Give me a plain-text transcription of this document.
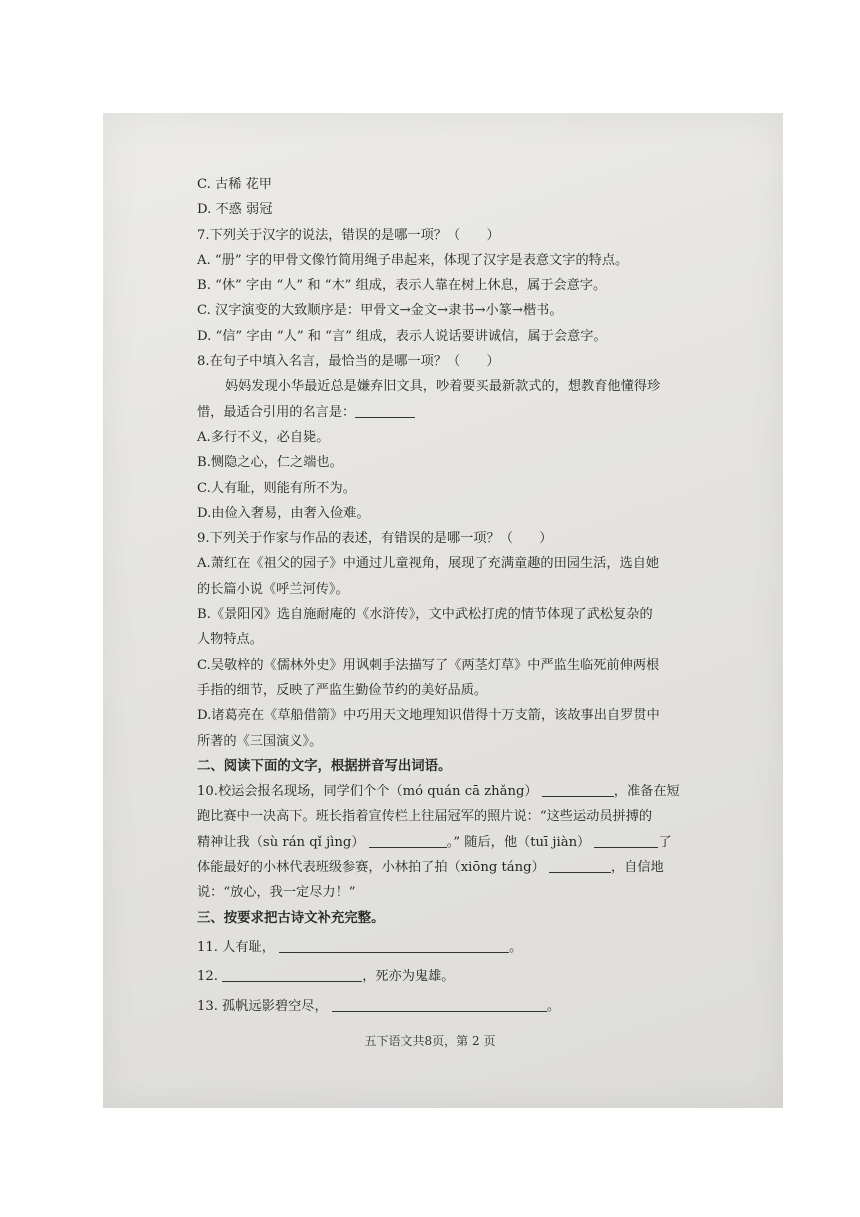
C. 古稀 花甲
D. 不惑 弱冠
7.下列关于汉字的说法，错误的是哪一项？（　　）
A. “册” 字的甲骨文像竹简用绳子串起来，体现了汉字是表意文字的特点。
B. “休” 字由 “人” 和 “木” 组成，表示人靠在树上休息，属于会意字。
C. 汉字演变的大致顺序是：甲骨文→金文→隶书→小篆→楷书。
D. “信” 字由 “人” 和 “言” 组成，表示人说话要讲诚信，属于会意字。
8.在句子中填入名言，最恰当的是哪一项？（　　）
妈妈发现小华最近总是嫌弃旧文具，吵着要买最新款式的，想教育他懂得珍
惜，最适合引用的名言是：
A.多行不义，必自毙。
B.恻隐之心，仁之端也。
C.人有耻，则能有所不为。
D.由俭入奢易，由奢入俭难。
9.下列关于作家与作品的表述，有错误的是哪一项？（　　）
A.萧红在《祖父的园子》中通过儿童视角，展现了充满童趣的田园生活，选自她
的长篇小说《呼兰河传》。
B.《景阳冈》选自施耐庵的《水浒传》，文中武松打虎的情节体现了武松复杂的
人物特点。
C.吴敬梓的《儒林外史》用讽刺手法描写了《两茎灯草》中严监生临死前伸两根
手指的细节，反映了严监生勤俭节约的美好品质。
D.诸葛亮在《草船借箭》中巧用天文地理知识借得十万支箭，该故事出自罗贯中
所著的《三国演义》。
二、阅读下面的文字，根据拼音写出词语。
10.校运会报名现场，同学们个个（mó quán cā zhǎng）	，准备在短
跑比赛中一决高下。班长指着宣传栏上往届冠军的照片说：“这些运动员拼搏的
精神让我（sù rán qǐ jìng）	。” 随后，他（tuī jiàn）	了
体能最好的小林代表班级参赛，小林拍了拍（xiōng táng）	，自信地
说：“放心，我一定尽力！”
三、按要求把古诗文补充完整。
11. 人有耻，	。
12.	，死亦为鬼雄。
13. 孤帆远影碧空尽，	。
五下语文共8页，第 2 页
